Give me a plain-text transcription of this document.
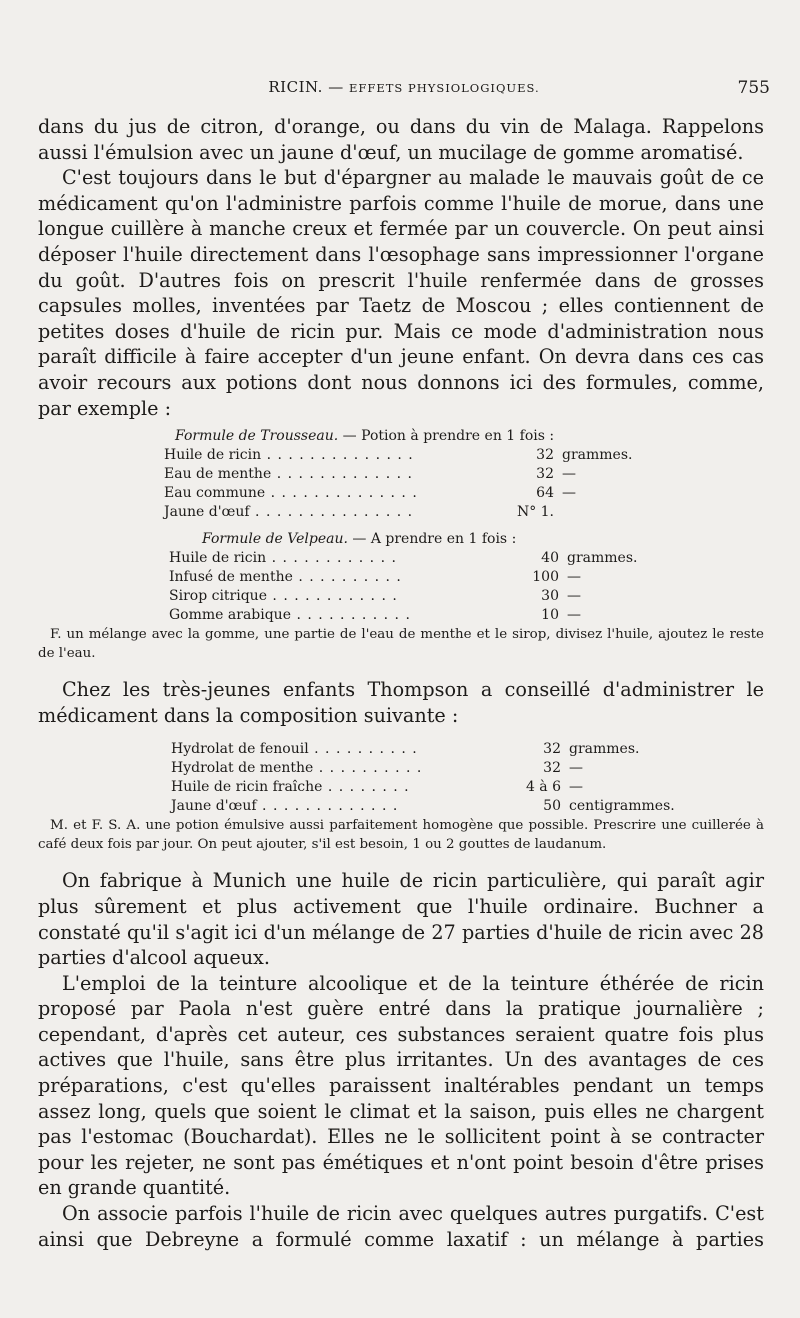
RICIN. — EFFETS PHYSIOLOGIQUES.	755

dans du jus de citron, d'orange, ou dans du vin de Malaga. Rappelons aussi l'émulsion avec un jaune d'œuf, un mucilage de gomme aromatisé.

C'est toujours dans le but d'épargner au malade le mauvais goût de ce médicament qu'on l'administre parfois comme l'huile de morue, dans une longue cuillère à manche creux et fermée par un couvercle. On peut ainsi déposer l'huile directement dans l'œsophage sans impressionner l'organe du goût. D'autres fois on prescrit l'huile renfermée dans de grosses capsules molles, inventées par Taetz de Moscou ; elles contiennent de petites doses d'huile de ricin pur. Mais ce mode d'administration nous paraît difficile à faire accepter d'un jeune enfant. On devra dans ces cas avoir recours aux potions dont nous donnons ici des formules, comme, par exemple :

Formule de Trousseau. — Potion à prendre en 1 fois :
Huile de ricin . . . . . . . . . . . . . .	32	grammes.
Eau de menthe . . . . . . . . . . . . .	32	—
Eau commune . . . . . . . . . . . . . .	64	—
Jaune d'œuf . . . . . . . . . . . . . . .	N° 1.	
Formule de Velpeau. — A prendre en 1 fois :
Huile de ricin . . . . . . . . . . . .	40	grammes.
Infusé de menthe . . . . . . . . . .	100	—
Sirop citrique . . . . . . . . . . . .	30	—
Gomme arabique . . . . . . . . . . .	10	—

F. un mélange avec la gomme, une partie de l'eau de menthe et le sirop, divisez l'huile, ajoutez le reste de l'eau.

Chez les très-jeunes enfants Thompson a conseillé d'administrer le médicament dans la composition suivante :

Hydrolat de fenouil . . . . . . . . . .	32	grammes.
Hydrolat de menthe . . . . . . . . . .	32	—
Huile de ricin fraîche . . . . . . . .	4 à 6	—
Jaune d'œuf . . . . . . . . . . . . .	50	centigrammes.

M. et F. S. A. une potion émulsive aussi parfaitement homogène que possible. Prescrire une cuillerée à café deux fois par jour. On peut ajouter, s'il est besoin, 1 ou 2 gouttes de laudanum.

On fabrique à Munich une huile de ricin particulière, qui paraît agir plus sûrement et plus activement que l'huile ordinaire. Buchner a constaté qu'il s'agit ici d'un mélange de 27 parties d'huile de ricin avec 28 parties d'alcool aqueux.

L'emploi de la teinture alcoolique et de la teinture éthérée de ricin proposé par Paola n'est guère entré dans la pratique journalière ; cependant, d'après cet auteur, ces substances seraient quatre fois plus actives que l'huile, sans être plus irritantes. Un des avantages de ces préparations, c'est qu'elles paraissent inaltérables pendant un temps assez long, quels que soient le climat et la saison, puis elles ne chargent pas l'estomac (Bouchardat). Elles ne le sollicitent point à se contracter pour les rejeter, ne sont pas émétiques et n'ont point besoin d'être prises en grande quantité.

On associe parfois l'huile de ricin avec quelques autres purgatifs. C'est ainsi que Debreyne a formulé comme laxatif : un mélange à parties
